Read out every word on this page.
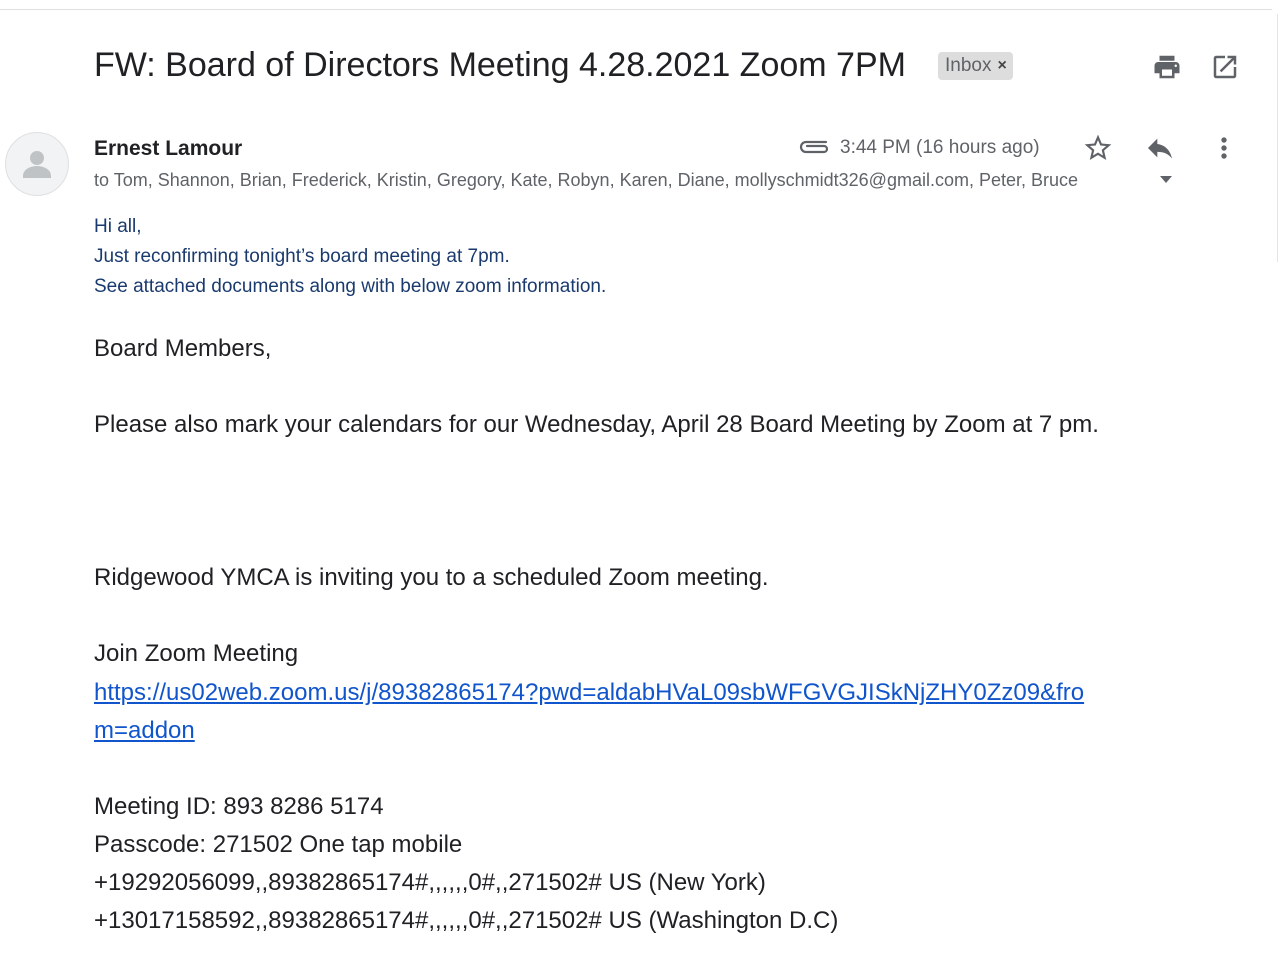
FW: Board of Directors Meeting 4.28.2021 Zoom 7PM Inbox ×
Ernest Lamour	3:44 PM (16 hours ago)
to Tom, Shannon, Brian, Frederick, Kristin, Gregory, Kate, Robyn, Karen, Diane, mollyschmidt326@gmail.com, Peter, Bruce
Hi all,
Just reconfirming tonight’s board meeting at 7pm.
See attached documents along with below zoom information.
Board Members,
Please also mark your calendars for our Wednesday, April 28 Board Meeting by Zoom at 7 pm.
Ridgewood YMCA is inviting you to a scheduled Zoom meeting.
Join Zoom Meeting
https://us02web.zoom.us/j/89382865174?pwd=aldabHVaL09sbWFGVGJISkNjZHY0Zz09&from=addon
Meeting ID: 893 8286 5174
Passcode: 271502 One tap mobile
+19292056099,,89382865174#,,,,,,0#,,271502# US (New York)
+13017158592,,89382865174#,,,,,,0#,,271502# US (Washington D.C)
